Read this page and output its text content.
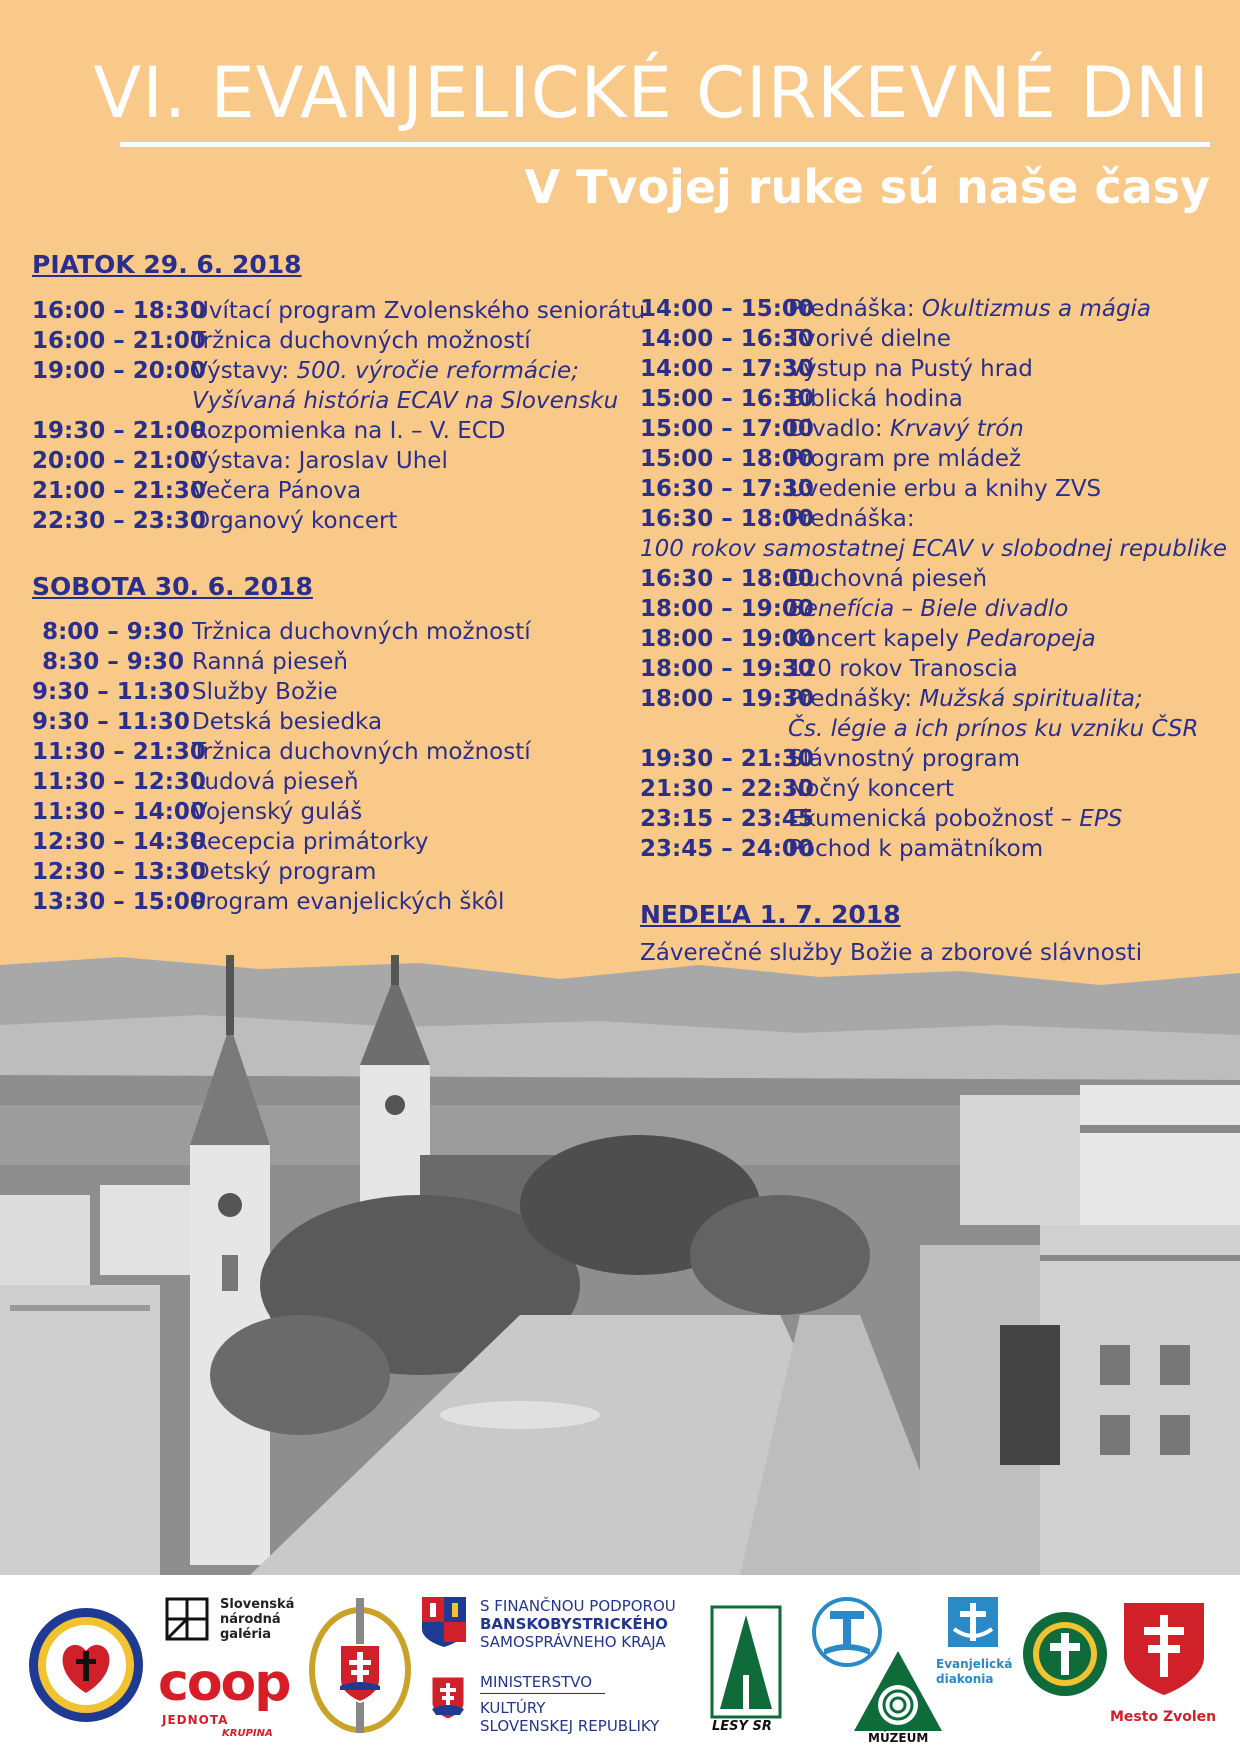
VI. EVANJELICKÉ CIRKEVNÉ DNI
V Tvojej ruke sú naše časy
PIATOK 29. 6. 2018
16:00 – 18:30
Uvítací program Zvolenského seniorátu
16:00 – 21:00
Tržnica duchovných možností
19:00 – 20:00
Výstavy: 500. výročie reformácie;
Vyšívaná história ECAV na Slovensku
19:30 – 21:00
Rozpomienka na I. – V. ECD
20:00 – 21:00
Výstava: Jaroslav Uhel
21:00 – 21:30
Večera Pánova
22:30 – 23:30
Organový koncert
SOBOTA 30. 6. 2018
8:00 – 9:30 Tržnica duchovných možností
8:30 – 9:30 Ranná pieseň
9:30 – 11:30 Služby Božie
9:30 – 11:30 Detská besiedka
11:30 – 21:30
Tržnica duchovných možností
11:30 – 12:30
Ľudová pieseň
11:30 – 14:00
Vojenský guláš
12:30 – 14:30
Recepcia primátorky
12:30 – 13:30
Detský program
13:30 – 15:00
Program evanjelických škôl
14:00 – 15:00
Prednáška: Okultizmus a mágia
14:00 – 16:30
Tvorivé dielne
14:00 – 17:30
Výstup na Pustý hrad
15:00 – 16:30
Biblická hodina
15:00 – 17:00
Divadlo: Krvavý trón
15:00 – 18:00
Program pre mládež
16:30 – 17:30
Uvedenie erbu a knihy ZVS
16:30 – 18:00
Prednáška:
100 rokov samostatnej ECAV v slobodnej republike
16:30 – 18:00
Duchovná pieseň
18:00 – 19:00
Benefícia – Biele divadlo
18:00 – 19:00
Koncert kapely Pedaropeja
18:00 – 19:30
120 rokov Tranoscia
18:00 – 19:30
Prednášky: Mužská spiritualita;
Čs. légie a ich prínos ku vzniku ČSR
19:30 – 21:30
Slávnostný program
21:30 – 22:30
Nočný koncert
23:15 – 23:45
Ekumenická pobožnosť – EPS
23:45 – 24:00
Pochod k pamätníkom
NEDEĽA 1. 7. 2018
Záverečné služby Božie a zborové slávnosti
Slovenská
národná
galéria
coop
JEDNOTA
KRUPINA
S FINANČNOU PODPOROU
BANSKOBYSTRICKÉHO
SAMOSPRÁVNEHO KRAJA
MINISTERSTVO
KULTÚRY
SLOVENSKEJ REPUBLIKY	LESY SR
MÚZEUM
Evanjelická
diakonia
Mesto Zvolen
